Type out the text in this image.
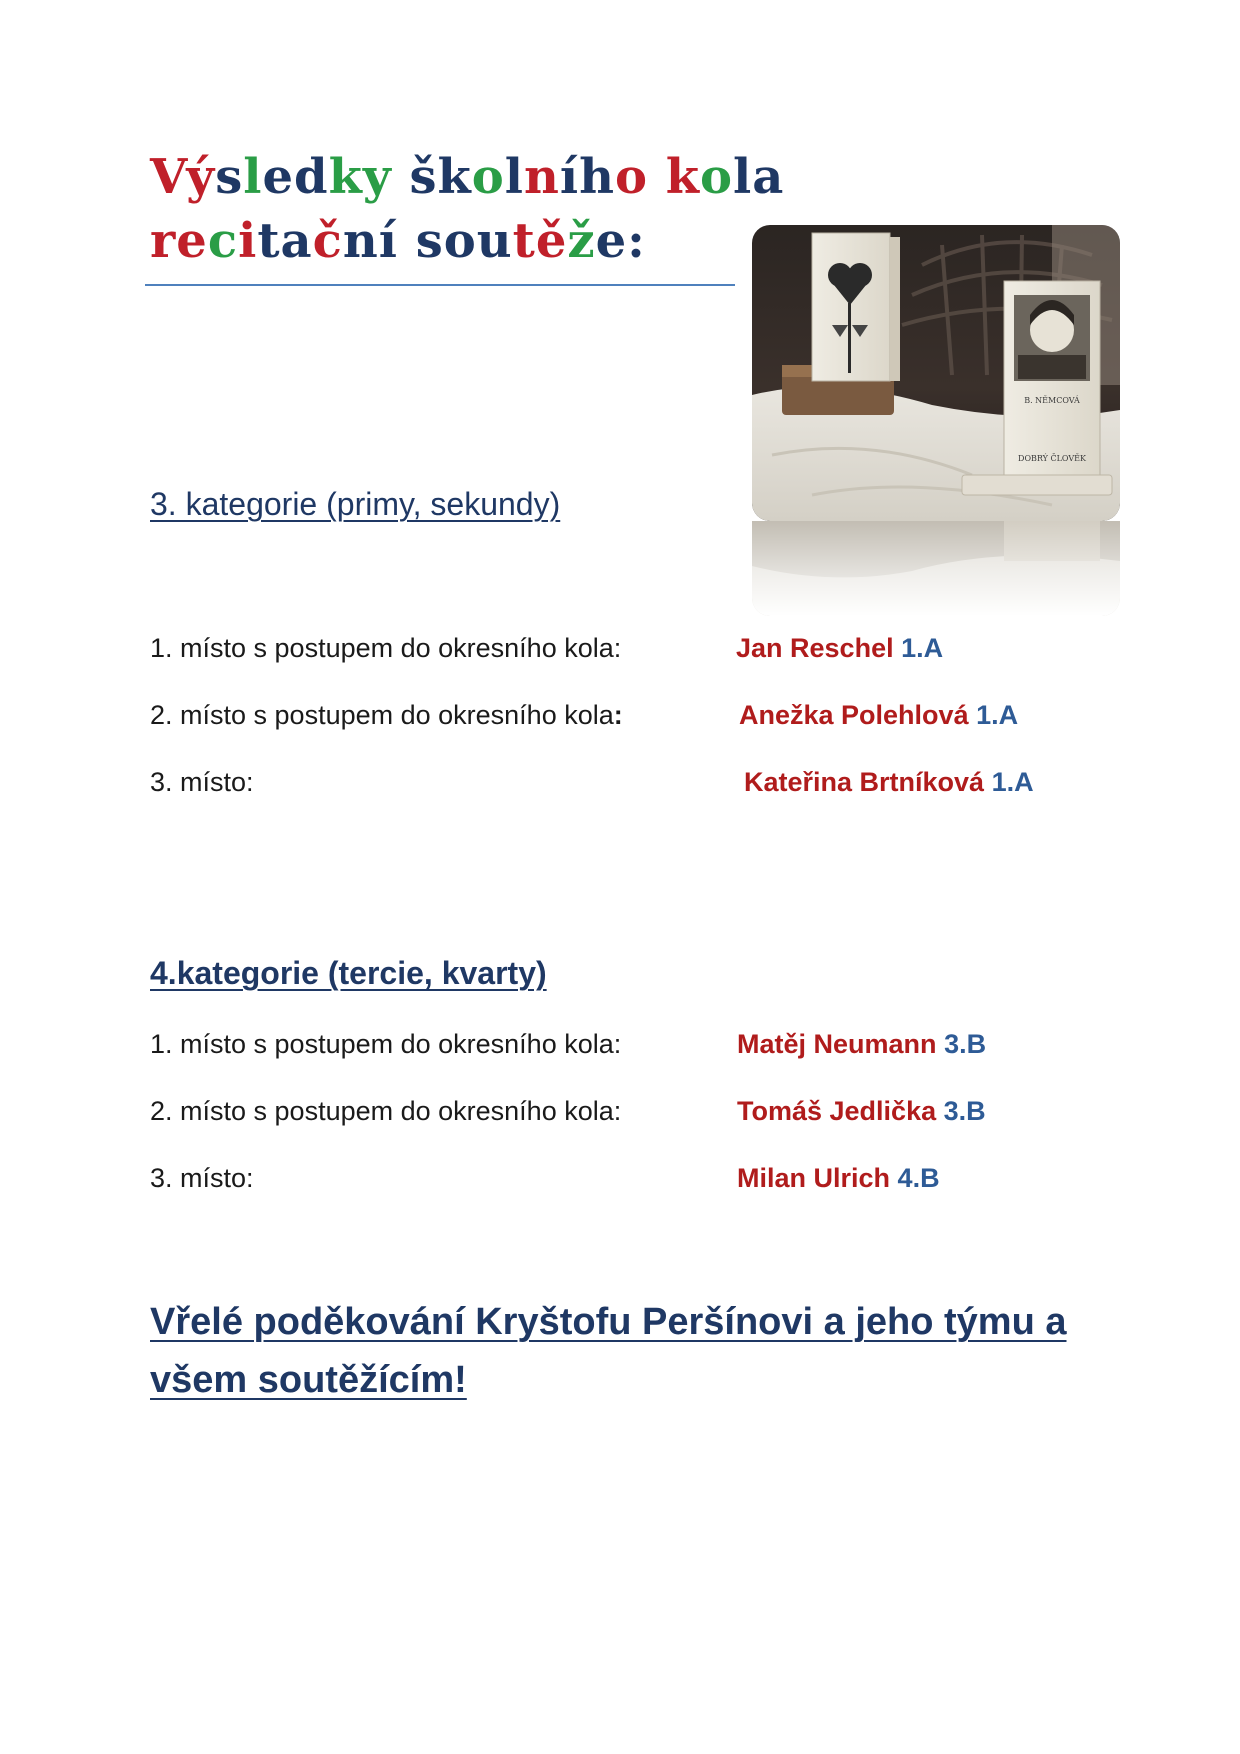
Výsledky školního kola recitační soutěže:
B. NĚMCOVÁ
DOBRÝ ČLOVĚK
3. kategorie (primy, sekundy)
1. místo s postupem do okresního kola:	Jan Reschel 1.A
2. místo s postupem do okresního kola:	Anežka Polehlová 1.A
3. místo:	Kateřina Brtníková 1.A
4.kategorie (tercie, kvarty)
1. místo s postupem do okresního kola:	Matěj Neumann 3.B
2. místo s postupem do okresního kola:	Tomáš Jedlička 3.B
3. místo:	Milan Ulrich 4.B

Vřelé poděkování Kryštofu Peršínovi a jeho týmu a všem soutěžícím!
